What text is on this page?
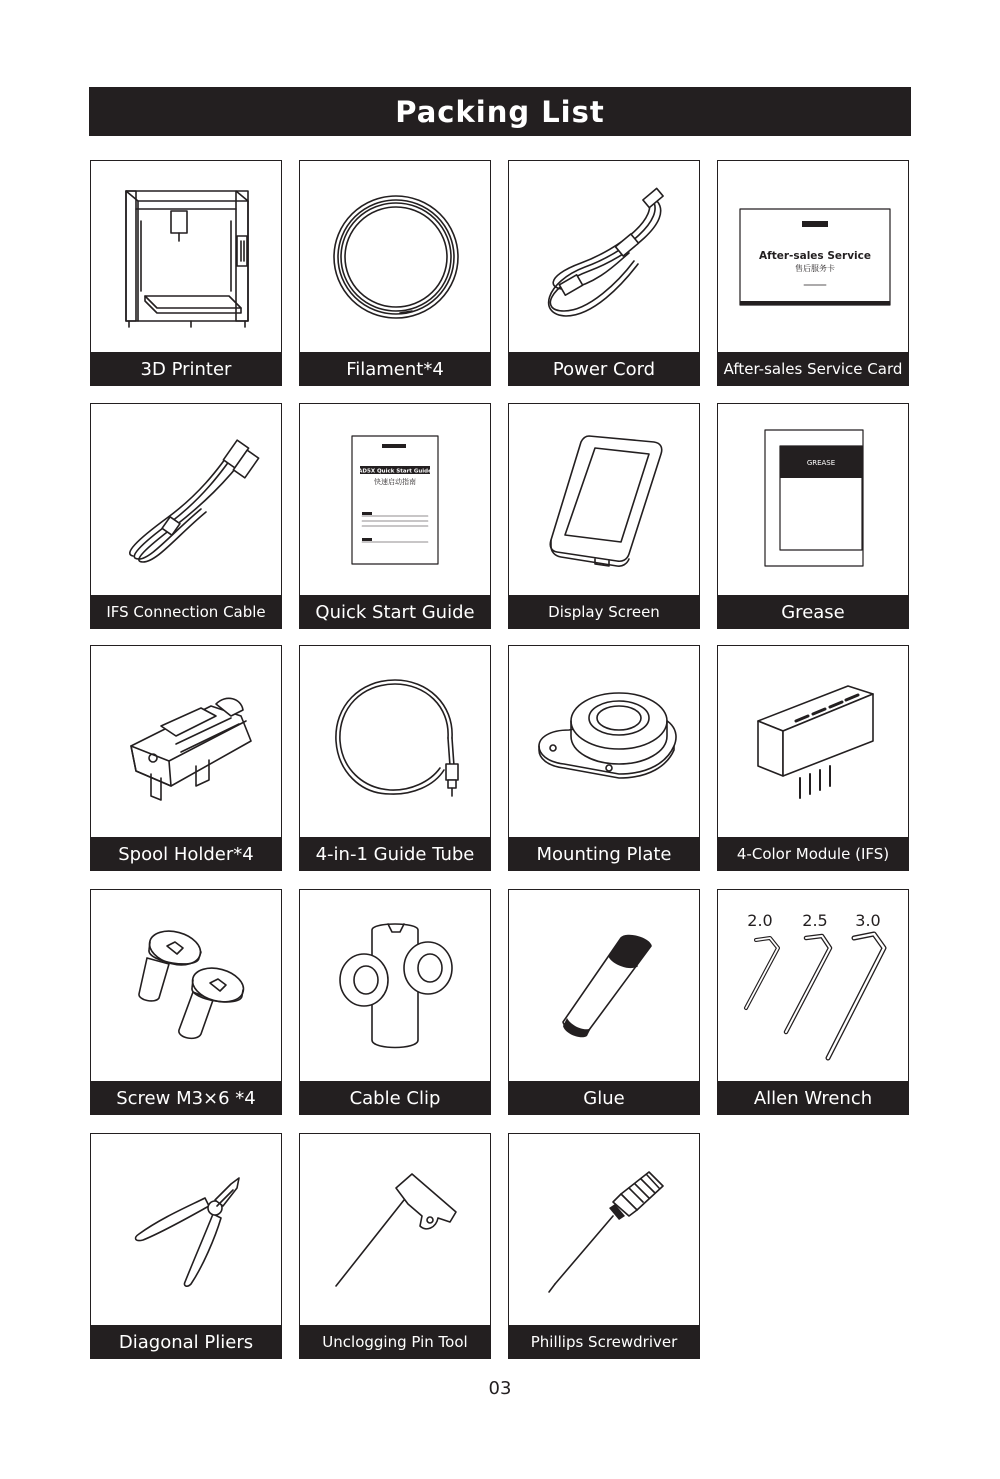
Packing List
3D Printer	Filament*4	Power Cord
After-sales Service
售后服务卡
After-sales Service Card
IFS Connection Cable
AD5X Quick Start Guide
快速启动指南
Quick Start Guide	Display Screen
GREASE
Grease
Spool Holder*4	4-in-1 Guide Tube	Mounting Plate	4-Color Module (IFS)
Screw M3×6 *4	Cable Clip	Glue
2.0 2.5 3.0
Allen Wrench
Diagonal Pliers	Unclogging Pin Tool	Phillips Screwdriver
03
